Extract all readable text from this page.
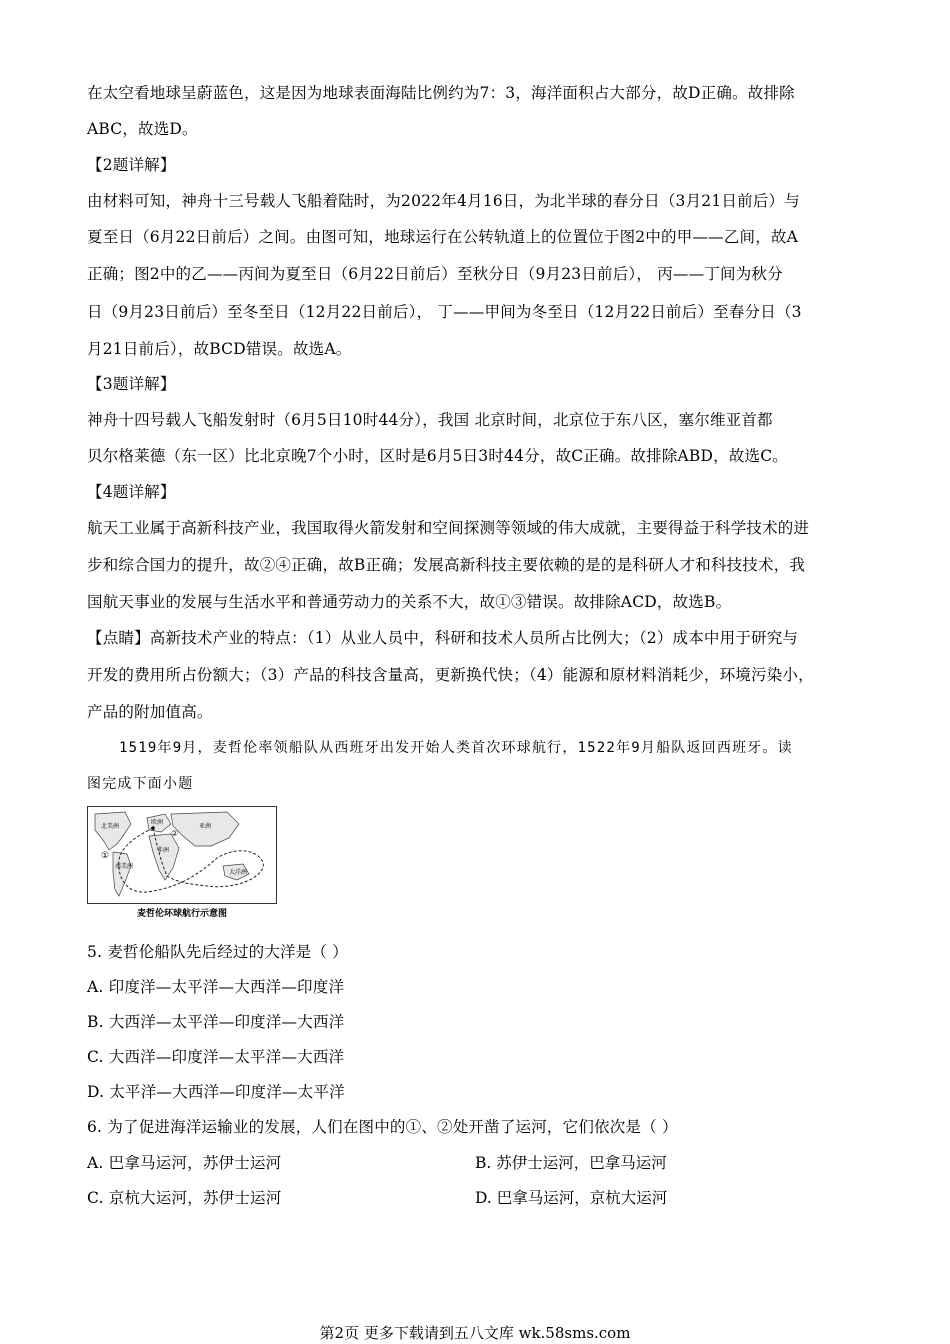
在太空看地球呈蔚蓝色，这是因为地球表面海陆比例约为7：3，海洋面积占大部分，故D正确。故排除
ABC，故选D。
【2题详解】
由材料可知，神舟十三号载人飞船着陆时，为2022年4月16日，为北半球的春分日（3月21日前后）与
夏至日（6月22日前后）之间。由图可知，地球运行在公转轨道上的位置位于图2中的甲——乙间，故A
正确；图2中的乙——丙间为夏至日（6月22日前后）至秋分日（9月23日前后）， 丙——丁间为秋分
日（9月23日前后）至冬至日（12月22日前后）， 丁——甲间为冬至日（12月22日前后）至春分日（3
月21日前后），故BCD错误。故选A。
【3题详解】
神舟十四号载人飞船发射时（6月5日10时44分），我国 北京时间，北京位于东八区，塞尔维亚首都
贝尔格莱德（东一区）比北京晚7个小时，区时是6月5日3时44分，故C正确。故排除ABD，故选C。
【4题详解】
航天工业属于高新科技产业，我国取得火箭发射和空间探测等领域的伟大成就，主要得益于科学技术的进
步和综合国力的提升，故②④正确，故B正确；发展高新科技主要依赖的是的是科研人才和科技技术，我
国航天事业的发展与生活水平和普通劳动力的关系不大，故①③错误。故排除ACD，故选B。
【点睛】高新技术产业的特点：（1）从业人员中，科研和技术人员所占比例大；（2）成本中用于研究与
开发的费用所占份额大；（3）产品的科技含量高，更新换代快；（4）能源和原材料消耗少，环境污染小，
产品的附加值高。
1519年9月，麦哲伦率领船队从西班牙出发开始人类首次环球航行，1522年9月船队返回西班牙。读
图完成下面小题
北美洲
南美洲
欧洲
非洲
亚洲
大洋洲
①
②
麦哲伦环球航行示意图
5. 麦哲伦船队先后经过的大洋是（ ）
A. 印度洋—太平洋—大西洋—印度洋
B. 大西洋—太平洋—印度洋—大西洋
C. 大西洋—印度洋—太平洋—大西洋
D. 太平洋—大西洋—印度洋—太平洋
6. 为了促进海洋运输业的发展，人们在图中的①、②处开凿了运河，它们依次是（ ）
A. 巴拿马运河，苏伊士运河	B. 苏伊士运河，巴拿马运河
C. 京杭大运河，苏伊士运河	D. 巴拿马运河，京杭大运河
第2页 更多下载请到五八文库 wk.58sms.com
